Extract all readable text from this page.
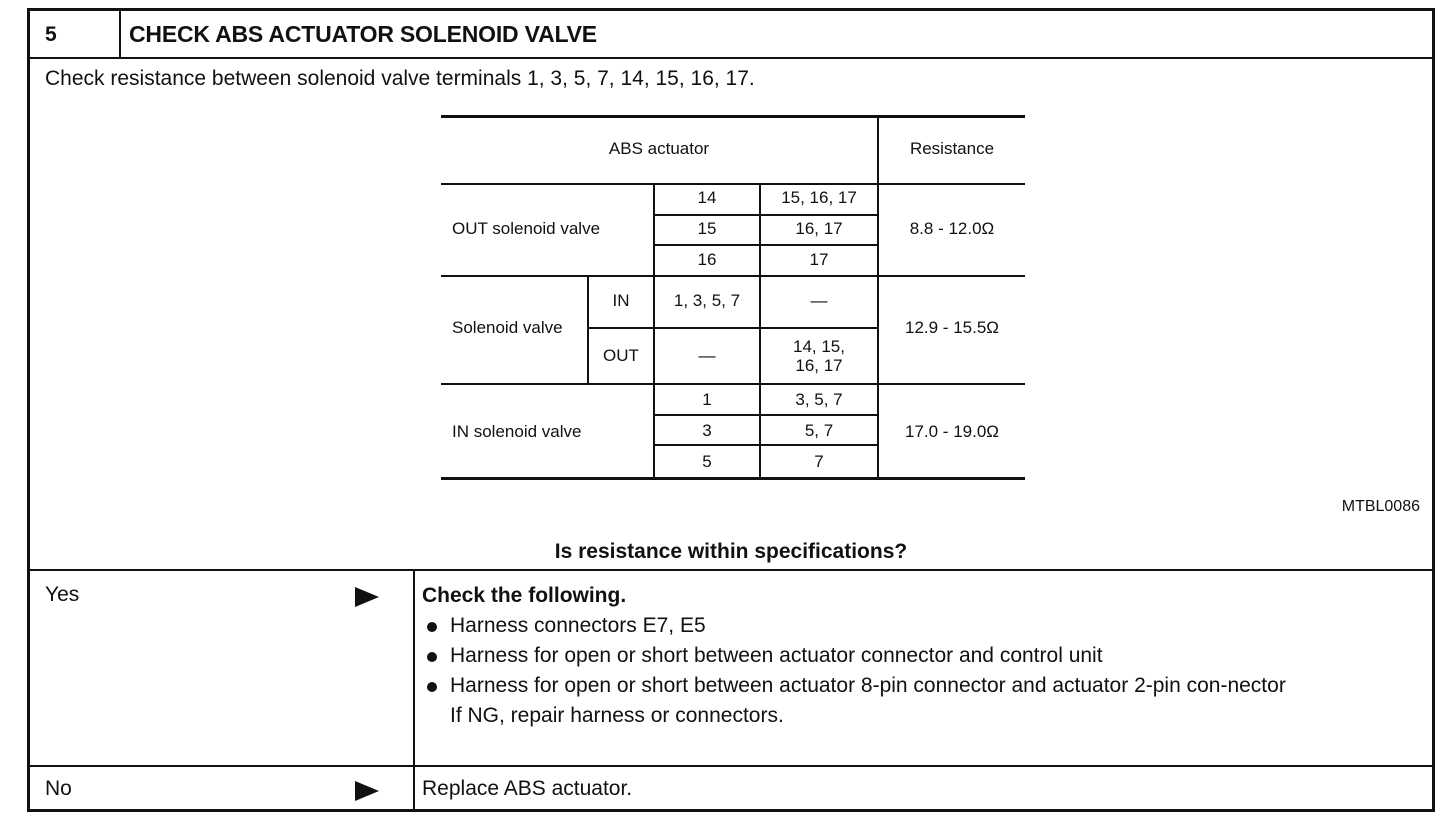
5	CHECK ABS ACTUATOR SOLENOID VALVE
Check resistance between solenoid valve terminals 1, 3, 5, 7, 14, 15, 16, 17.
ABS actuator	Resistance
OUT solenoid valve
14	15, 16, 17
15	16, 17
16	17
8.8 - 12.0Ω
Solenoid valve
IN	1, 3, 5, 7	—
OUT	—	14, 15,
16, 17
12.9 - 15.5Ω
IN solenoid valve
1	3, 5, 7
3	5, 7
5	7
17.0 - 19.0Ω
MTBL0086
Is resistance within specifications?
Yes	Check the following.
Harness connectors E7, E5
Harness for open or short between actuator connector and control unit
Harness for open or short between actuator 8-pin connector and actuator 2-pin con-nector
If NG, repair harness or connectors.
No	Replace ABS actuator.
